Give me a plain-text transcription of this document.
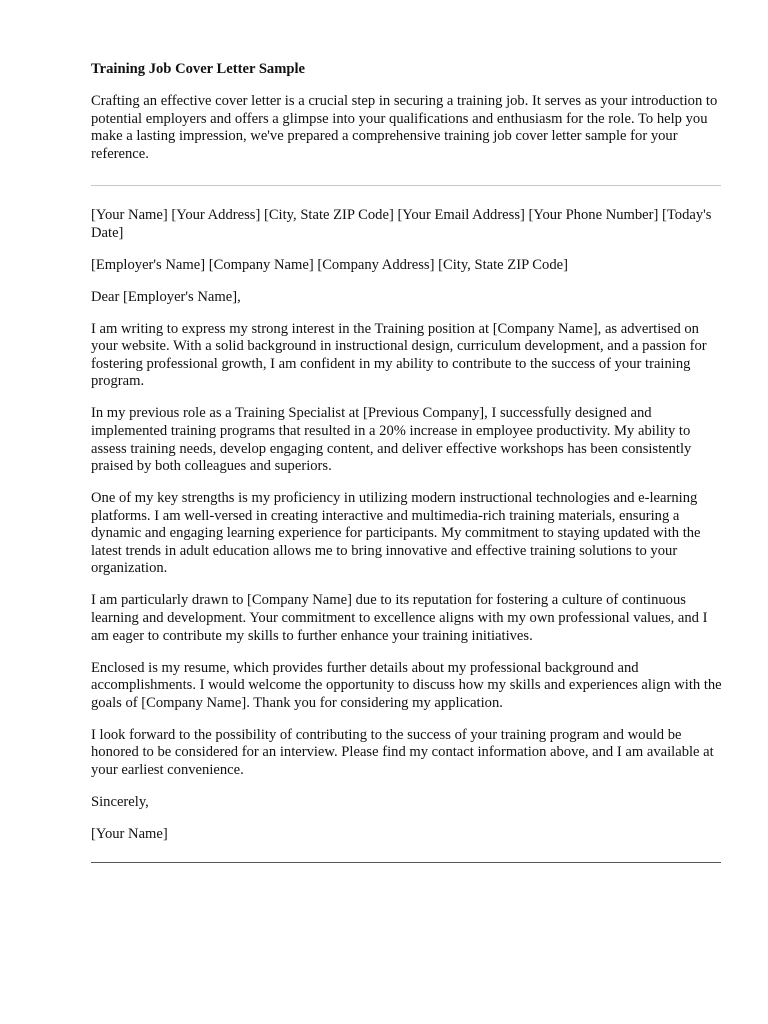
Training Job Cover Letter Sample

Crafting an effective cover letter is a crucial step in securing a training job. It serves as your introduction to potential employers and offers a glimpse into your qualifications and enthusiasm for the role. To help you make a lasting impression, we've prepared a comprehensive training job cover letter sample for your reference.

[Your Name] [Your Address] [City, State ZIP Code] [Your Email Address] [Your Phone Number] [Today's Date]

[Employer's Name] [Company Name] [Company Address] [City, State ZIP Code]

Dear [Employer's Name],

I am writing to express my strong interest in the Training position at [Company Name], as advertised on your website. With a solid background in instructional design, curriculum development, and a passion for fostering professional growth, I am confident in my ability to contribute to the success of your training program.

In my previous role as a Training Specialist at [Previous Company], I successfully designed and implemented training programs that resulted in a 20% increase in employee productivity. My ability to assess training needs, develop engaging content, and deliver effective workshops has been consistently praised by both colleagues and superiors.

One of my key strengths is my proficiency in utilizing modern instructional technologies and e-learning platforms. I am well-versed in creating interactive and multimedia-rich training materials, ensuring a dynamic and engaging learning experience for participants. My commitment to staying updated with the latest trends in adult education allows me to bring innovative and effective training solutions to your organization.

I am particularly drawn to [Company Name] due to its reputation for fostering a culture of continuous learning and development. Your commitment to excellence aligns with my own professional values, and I am eager to contribute my skills to further enhance your training initiatives.

Enclosed is my resume, which provides further details about my professional background and accomplishments. I would welcome the opportunity to discuss how my skills and experiences align with the goals of [Company Name]. Thank you for considering my application.

I look forward to the possibility of contributing to the success of your training program and would be honored to be considered for an interview. Please find my contact information above, and I am available at your earliest convenience.

Sincerely,

[Your Name]
